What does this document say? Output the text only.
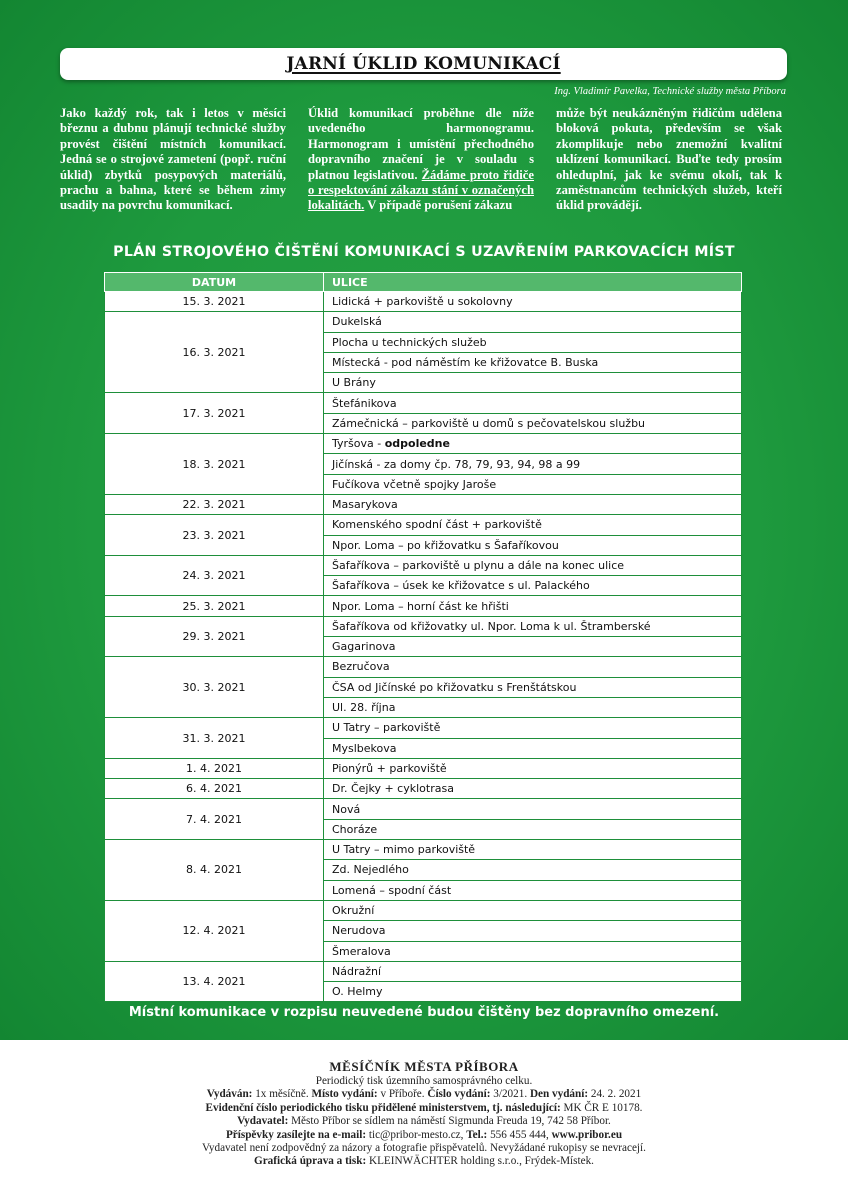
JARNÍ ÚKLID KOMUNIKACÍ
Ing. Vladimír Pavelka, Technické služby města Příbora
Jako každý rok, tak i letos v měsíci březnu a dubnu plánují technické služby provést čištění místních komunikací. Jedná se o strojové zametení (popř. ruční úklid) zbytků posypových materiálů, prachu a bahna, které se během zimy usadily na povrchu komunikací.
Úklid komunikací proběhne dle níže uvedeného harmonogramu. Harmonogram i umístění přechodného dopravního značení je v souladu s platnou legislativou. Žádáme proto řidiče o respektování zákazu stání v označených lokalitách. V případě porušení zákazu
může být neukázněným řidičům udělena bloková pokuta, především se však zkomplikuje nebo znemožní kvalitní uklízení komunikací. Buďte tedy prosím ohleduplní, jak ke svému okolí, tak k zaměstnancům technických služeb, kteří úklid provádějí.
PLÁN STROJOVÉHO ČIŠTĚNÍ KOMUNIKACÍ S UZAVŘENÍM PARKOVACÍCH MÍST
DATUM	ULICE
15. 3. 2021	Lidická + parkoviště u sokolovny
16. 3. 2021	Dukelská
	Plocha u technických služeb
	Místecká - pod náměstím ke křižovatce B. Buska
	U Brány
17. 3. 2021	Štefánikova
	Zámečnická – parkoviště u domů s pečovatelskou službu
18. 3. 2021	Tyršova - odpoledne
	Jičínská - za domy čp. 78, 79, 93, 94, 98 a 99
	Fučíkova včetně spojky Jaroše
22. 3. 2021	Masarykova
23. 3. 2021	Komenského spodní část + parkoviště
	Npor. Loma – po křižovatku s Šafaříkovou
24. 3. 2021	Šafaříkova – parkoviště u plynu a dále na konec ulice
	Šafaříkova – úsek ke křižovatce s ul. Palackého
25. 3. 2021	Npor. Loma – horní část ke hřišti
29. 3. 2021	Šafaříkova od křižovatky ul. Npor. Loma k ul. Štramberské
	Gagarinova
30. 3. 2021	Bezručova
	ČSA od Jičínské po křižovatku s Frenštátskou
	Ul. 28. října
31. 3. 2021	U Tatry – parkoviště
	Myslbekova
1. 4. 2021	Pionýrů + parkoviště
6. 4. 2021	Dr. Čejky + cyklotrasa
7. 4. 2021	Nová
	Choráze
8. 4. 2021	U Tatry – mimo parkoviště
	Zd. Nejedlého
	Lomená – spodní část
12. 4. 2021	Okružní
	Nerudova
	Šmeralova
13. 4. 2021	Nádražní
	O. Helmy
Místní komunikace v rozpisu neuvedené budou čištěny bez dopravního omezení.
MĚSÍČNÍK MĚSTA PŘÍBORA
Periodický tisk územního samosprávného celku.
Vydáván: 1x měsíčně. Místo vydání: v Příboře. Číslo vydání: 3/2021. Den vydání: 24. 2. 2021
Evidenční číslo periodického tisku přidělené ministerstvem, tj. následující: MK ČR E 10178.
Vydavatel: Město Příbor se sídlem na náměstí Sigmunda Freuda 19, 742 58 Příbor.
Příspěvky zasílejte na e-mail: tic@pribor-mesto.cz, Tel.: 556 455 444, www.pribor.eu
Vydavatel není zodpovědný za názory a fotografie přispěvatelů. Nevyžádané rukopisy se nevracejí.
Grafická úprava a tisk: KLEINWÄCHTER holding s.r.o., Frýdek-Místek.
